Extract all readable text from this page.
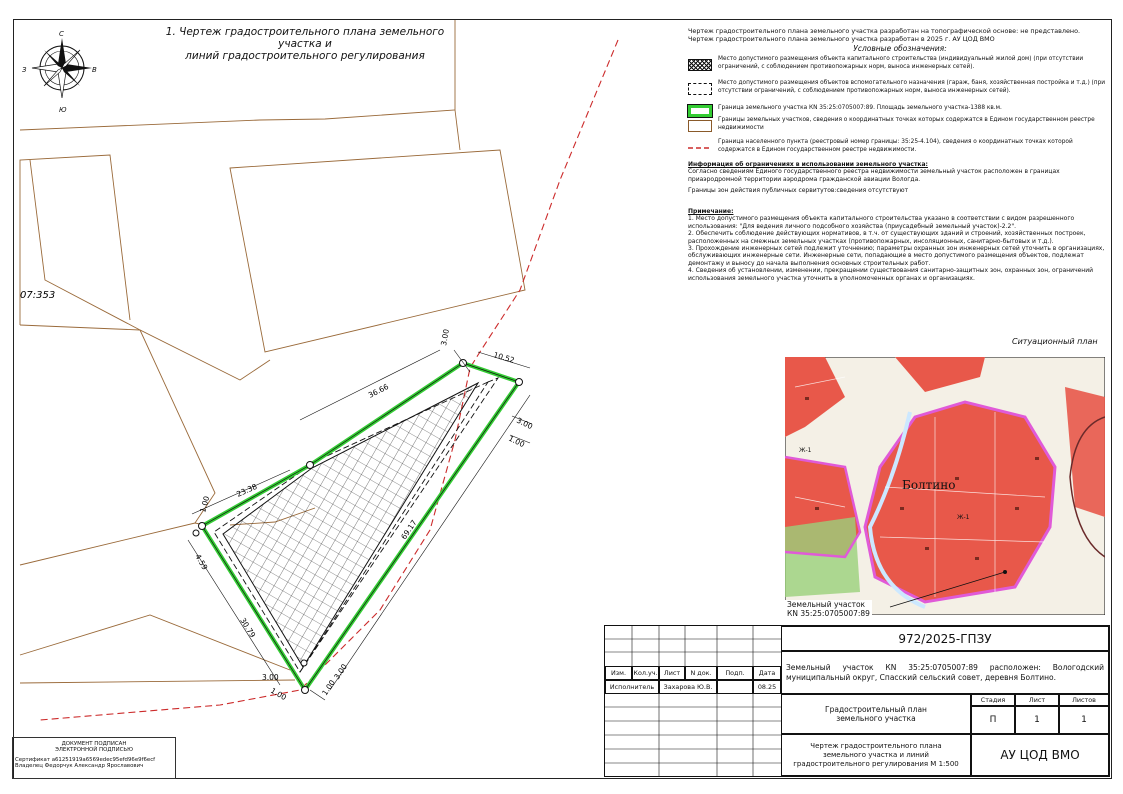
1. Чертеж градостроительного плана земельного участка и
линий градостроительного регулирования
36.66
10.52
3.00
3.00
1.00
23.38
1.00
4.59
69.17
30.79
3.00
1.00
3.00
1.00
07:353
С
Ю
З	В
Чертеж градостроительного плана земельного участка разработан на топографической основе: не представлено.
Чертеж градостроительного плана земельного участка разработан в 2025 г. АУ ЦОД ВМО
Условные обозначения:
Место допустимого размещения объекта капитального строительства (индивидуальный жилой дом) (при отсутствии ограничений, с соблюдением противопожарных норм, выноса инженерных сетей).
Место допустимого размещения объектов вспомогательного назначения (гараж, баня, хозяйственная постройка и т.д.) (при отсутствии ограничений, с соблюдением противопожарных норм, выноса инженерных сетей).
Граница земельного участка КN 35:25:0705007:89. Площадь земельного участка-1388 кв.м.
Границы земельных участков, сведения о координатных точках которых содержатся в Едином государственном реестре недвижимости
Граница населенного пункта (реестровый номер границы: 35:25-4.104), сведения о координатных точках которой содержатся в Едином государственном реестре недвижимости.
Информация об ограничениях в использовании земельного участка:
Согласно сведениям Единого государственного реестра недвижимости земельный участок расположен в границах приаэродромной территории аэродрома гражданской авиации Вологда.
Границы зон действия публичных сервитутов:сведения отсутствуют
Примечание:
1. Место допустимого размещения объекта капитального строительства указано в соответствии с видом разрешенного использования: "Для ведения личного подсобного хозяйства (приусадебный земельный участок)-2.2".
2. Обеспечить соблюдение действующих нормативов, в т.ч. от существующих зданий и строений, хозяйственных построек, расположенных на смежных земельных участках (противопожарных, инсоляционных, санитарно-бытовых и т.д.).
3. Прохождение инженерных сетей подлежит уточнению; параметры охранных зон инженерных сетей уточнить в организациях, обслуживающих инженерные сети. Инженерные сети, попадающие в место допустимого размещения объектов, подлежат демонтажу и выносу до начала выполнения основных строительных работ.
4. Сведения об установлении, изменении, прекращении существования санитарно-защитных зон, охранных зон, ограничений использования земельного участка уточнить в уполномоченных органах и организациях.
Ситуационный план
Болтино
Ж-1
Ж-1
Земельный участок
КN 35:25:0705007:89
Изм.	Кол.уч. Лист	N док.	Подп.	Дата
Исполнитель	Захарова Ю.В.	08.25
972/2025-ГПЗУ
Земельный участок КN 35:25:0705007:89 расположен: Вологодский муниципальный округ, Спасский сельский совет, деревня Болтино.
Градостроительный план
земельного участка
Стадия	Лист	Листов
П	1	1
Чертеж градостроительного плана
земельного участка и линий
градостроительного регулирования М 1:500
АУ ЦОД ВМО
ДОКУМЕНТ ПОДПИСАН
ЭЛЕКТРОННОЙ ПОДПИСЬЮ
Сертификат a61251919a6569edec95efd96e9f6ecf
Владелец Федорчук Александр Ярославович
